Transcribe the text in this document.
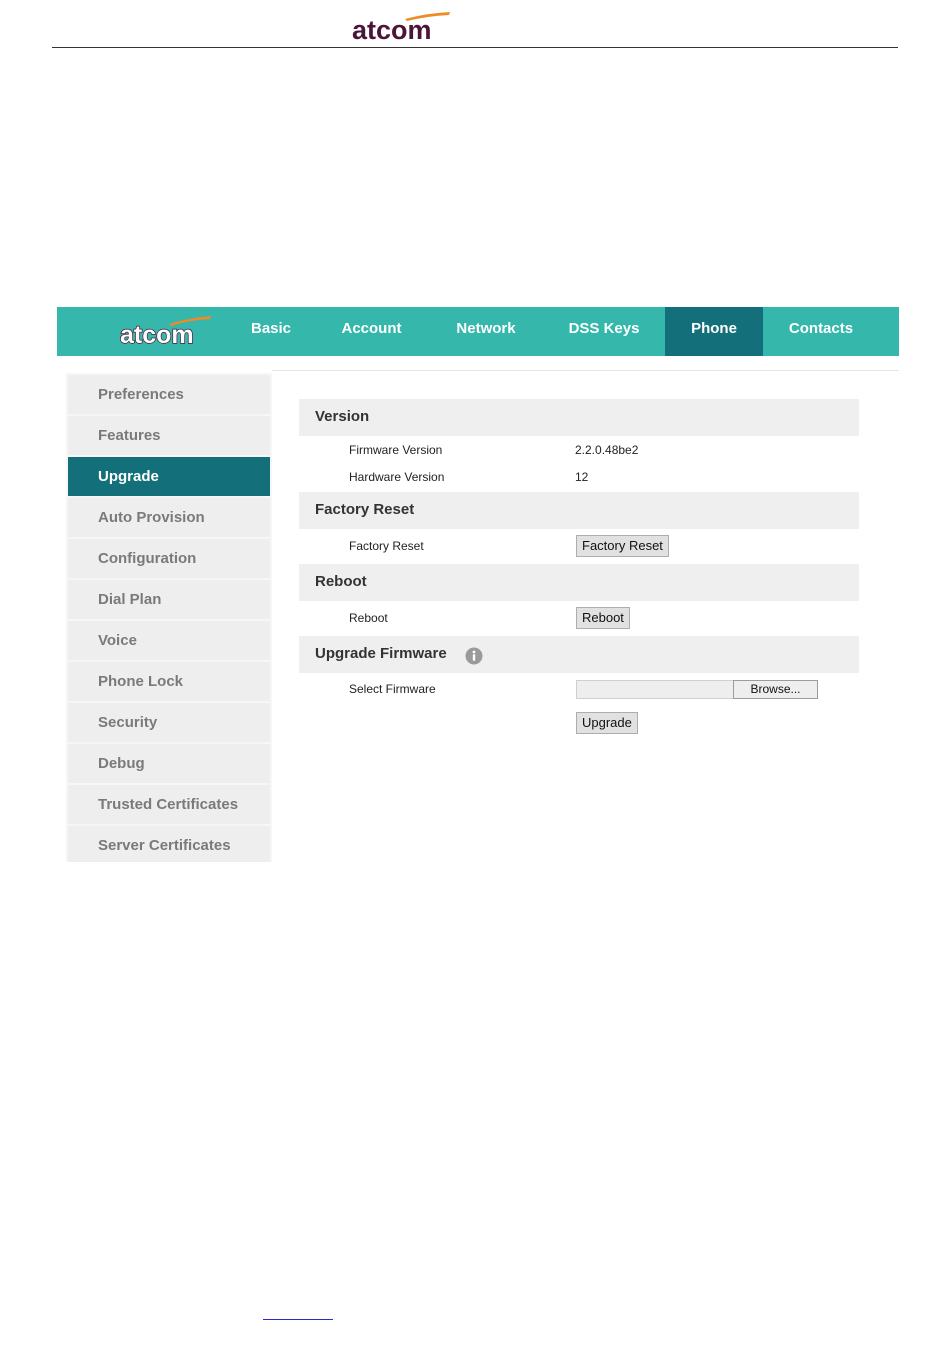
atcom
atcom	Basic	Account	Network	DSS Keys	Phone	Contacts
Preferences
Features
Upgrade
Auto Provision
Configuration
Dial Plan
Voice
Phone Lock
Security
Debug
Trusted Certificates
Server Certificates
Version
Firmware Version	2.2.0.48be2
Hardware Version	12
Factory Reset
Factory Reset	Factory Reset
Reboot
Reboot	Reboot
Upgrade Firmware
Select Firmware	Browse...
Upgrade
